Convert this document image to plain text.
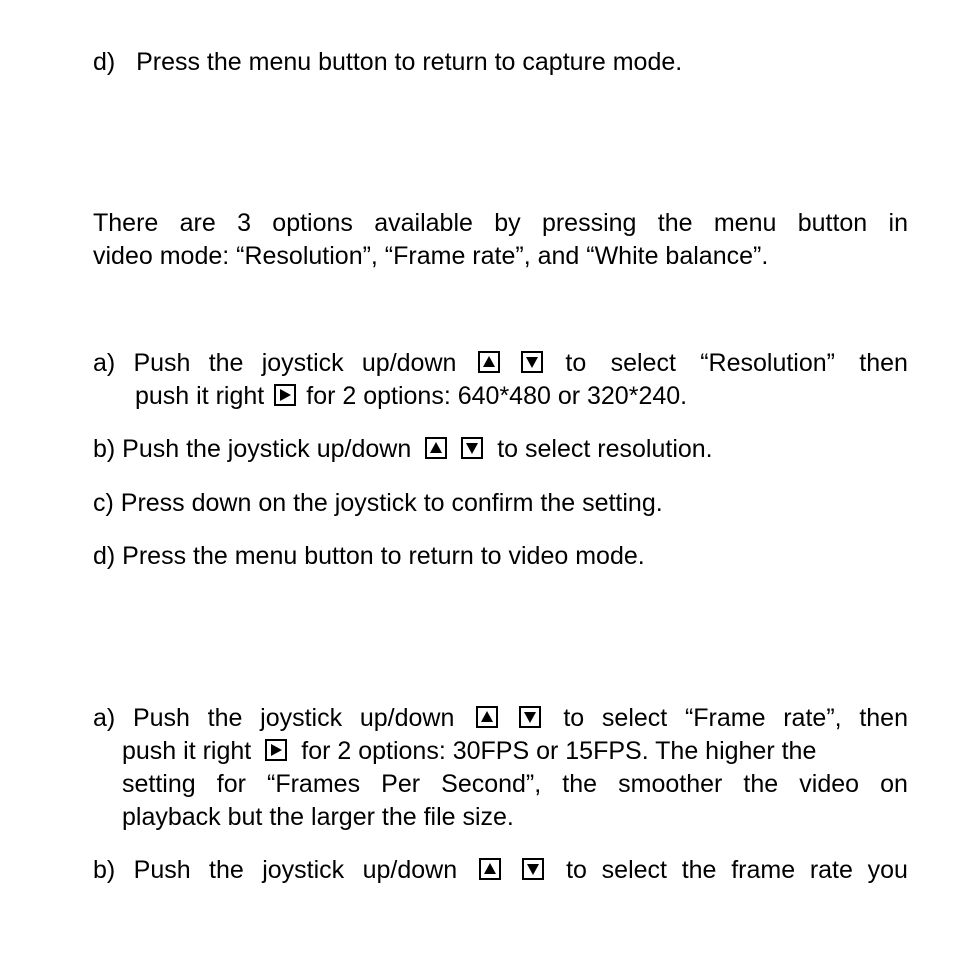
d)   Press the menu button to return to capture mode.
There are 3 options available by pressing the menu button in
video mode: “Resolution”, “Frame rate”, and “White balance”.
a) Push the joystick up/down
	to select “Resolution” then
push it right for 2 options: 640*480 or 320*240.
b) Push the joystick up/down	to select resolution.
c) Press down on the joystick to confirm the setting.
d) Press the menu button to return to video mode.
a) Push the joystick up/down
	to select “Frame rate”, then
push it right for 2 options: 30FPS or 15FPS. The higher the
setting for “Frames Per Second”, the smoother the video on
playback but the larger the file size.
b) Push the joystick up/down
	to select the frame rate you
